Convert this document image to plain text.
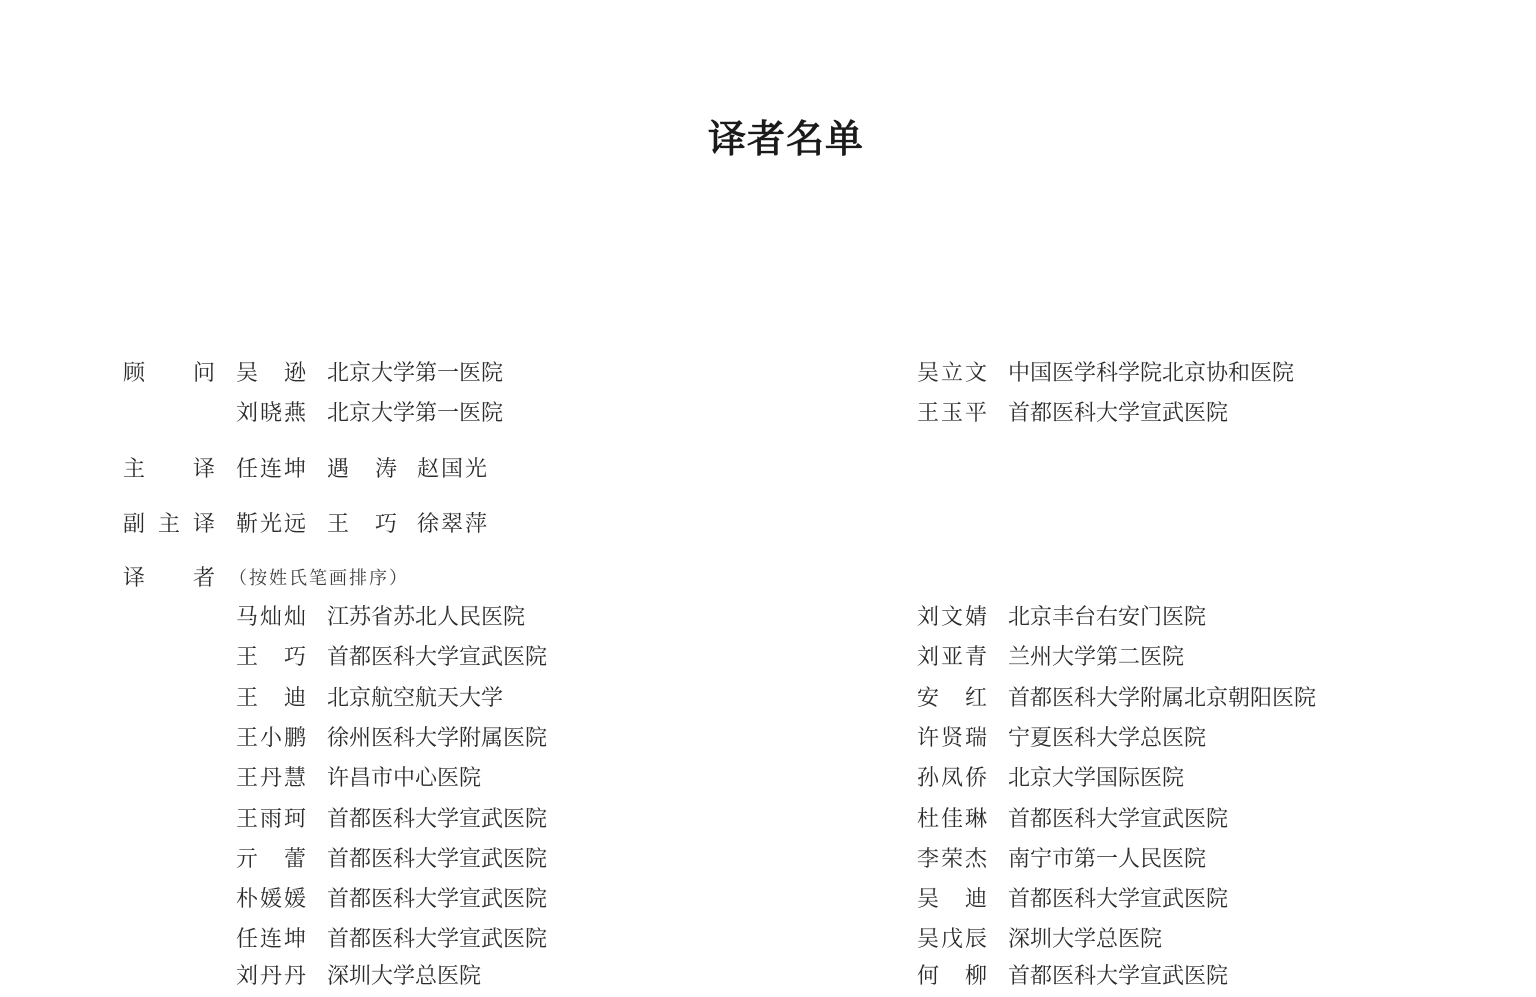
译者名单
顾 问 吴　逊 北京大学第一医院	吴立文 中国医学科学院北京协和医院
刘晓燕 北京大学第一医院	王玉平 首都医科大学宣武医院
主 译 任连坤 遇　涛 赵国光
副 主 译 靳光远 王　巧 徐翠萍
译 者 （按姓氏笔画排序）
马灿灿 江苏省苏北人民医院	刘文婧 北京丰台右安门医院
王　巧 首都医科大学宣武医院	刘亚青 兰州大学第二医院
王　迪 北京航空航天大学	安　红 首都医科大学附属北京朝阳医院
王小鹏 徐州医科大学附属医院	许贤瑞 宁夏医科大学总医院
王丹慧 许昌市中心医院	孙凤侨 北京大学国际医院
王雨珂 首都医科大学宣武医院	杜佳琳 首都医科大学宣武医院
亓　蕾 首都医科大学宣武医院	李荣杰 南宁市第一人民医院
朴媛媛 首都医科大学宣武医院	吴　迪 首都医科大学宣武医院
任连坤 首都医科大学宣武医院	吴戊辰 深圳大学总医院
刘丹丹 深圳大学总医院	何　柳 首都医科大学宣武医院
